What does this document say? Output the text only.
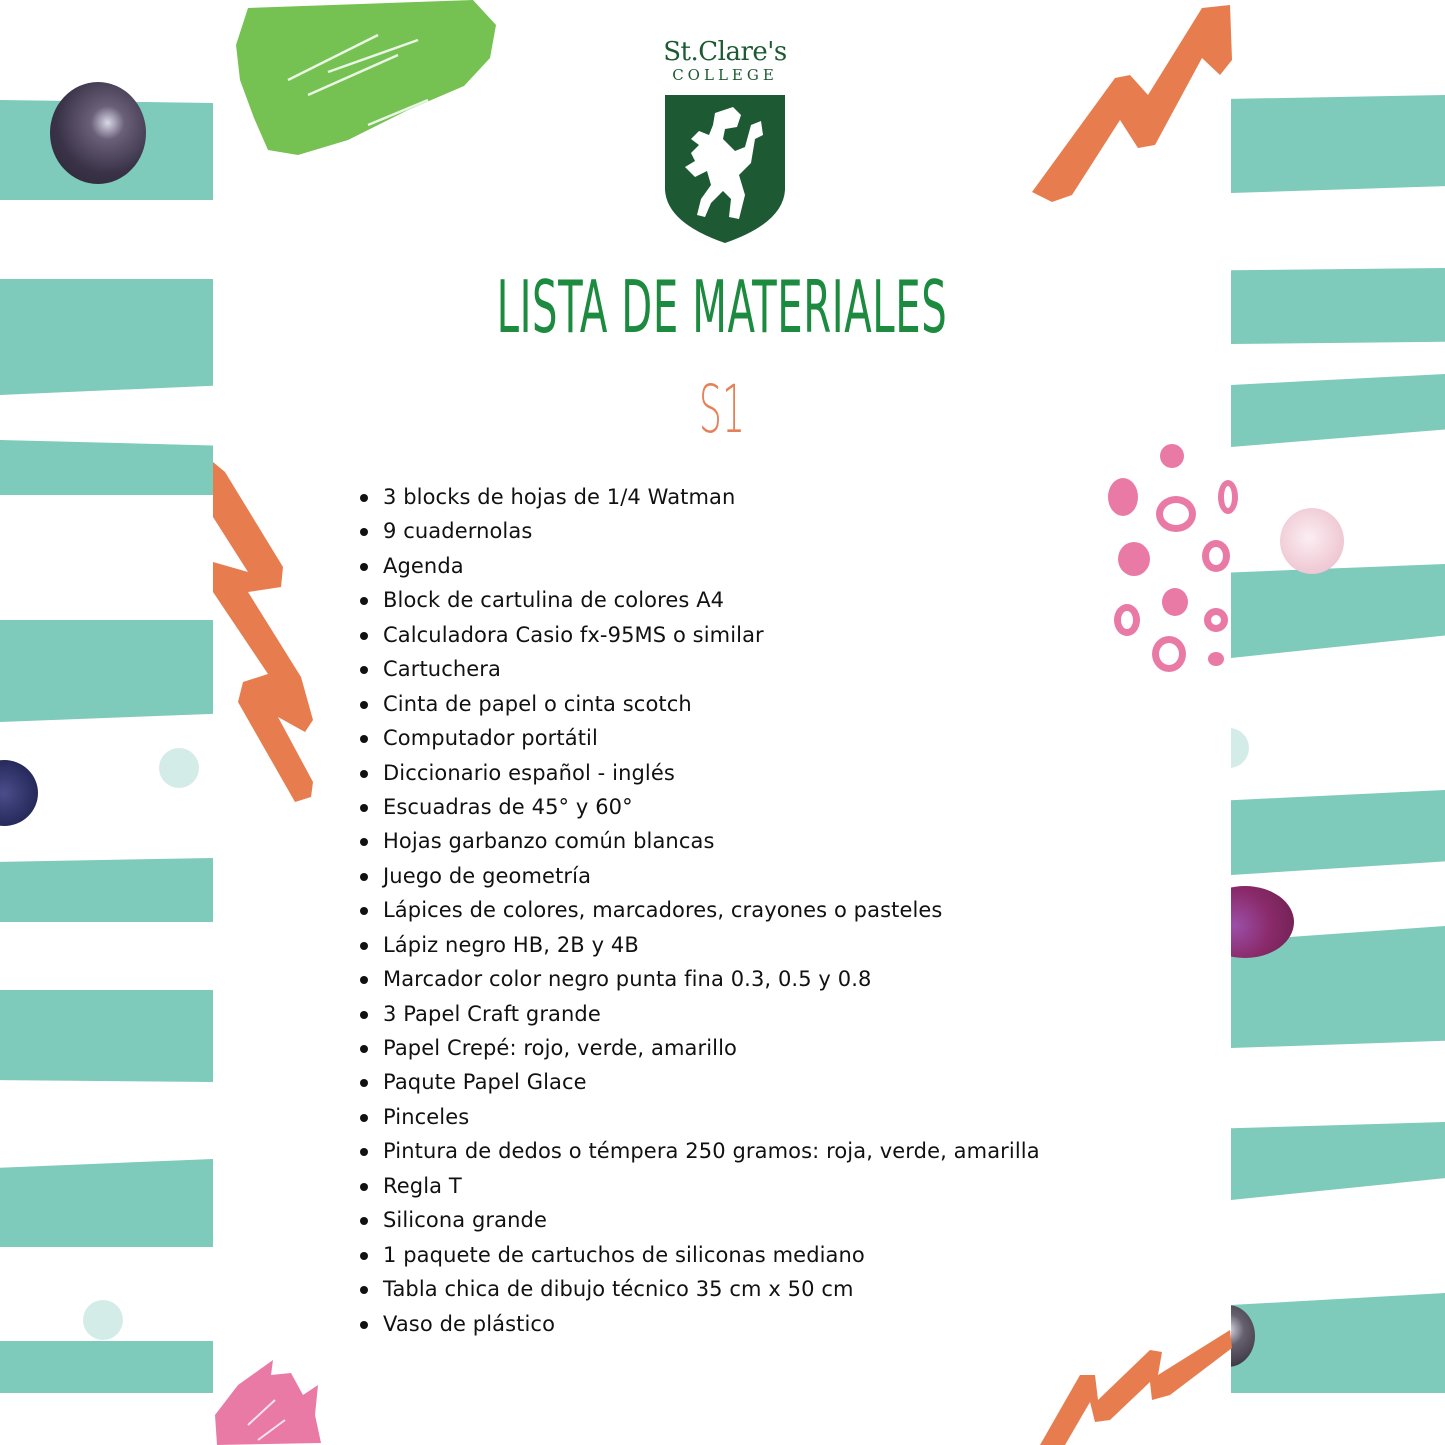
St.Clare's
COLLEGE
LISTA DE MATERIALES
S1
3 blocks de hojas de 1/4 Watman
9 cuadernolas
Agenda
Block de cartulina de colores A4
Calculadora Casio fx-95MS o similar
Cartuchera
Cinta de papel o cinta scotch
Computador portátil
Diccionario español - inglés
Escuadras de 45° y 60°
Hojas garbanzo común blancas
Juego de geometría
Lápices de colores, marcadores, crayones o pasteles
Lápiz negro HB, 2B y 4B
Marcador color negro punta fina 0.3, 0.5 y 0.8
3 Papel Craft grande
Papel Crepé: rojo, verde, amarillo
Paqute Papel Glace
Pinceles
Pintura de dedos o témpera 250 gramos: roja, verde, amarilla
Regla T
Silicona grande
1 paquete de cartuchos de siliconas mediano
Tabla chica de dibujo técnico 35 cm x 50 cm
Vaso de plástico
